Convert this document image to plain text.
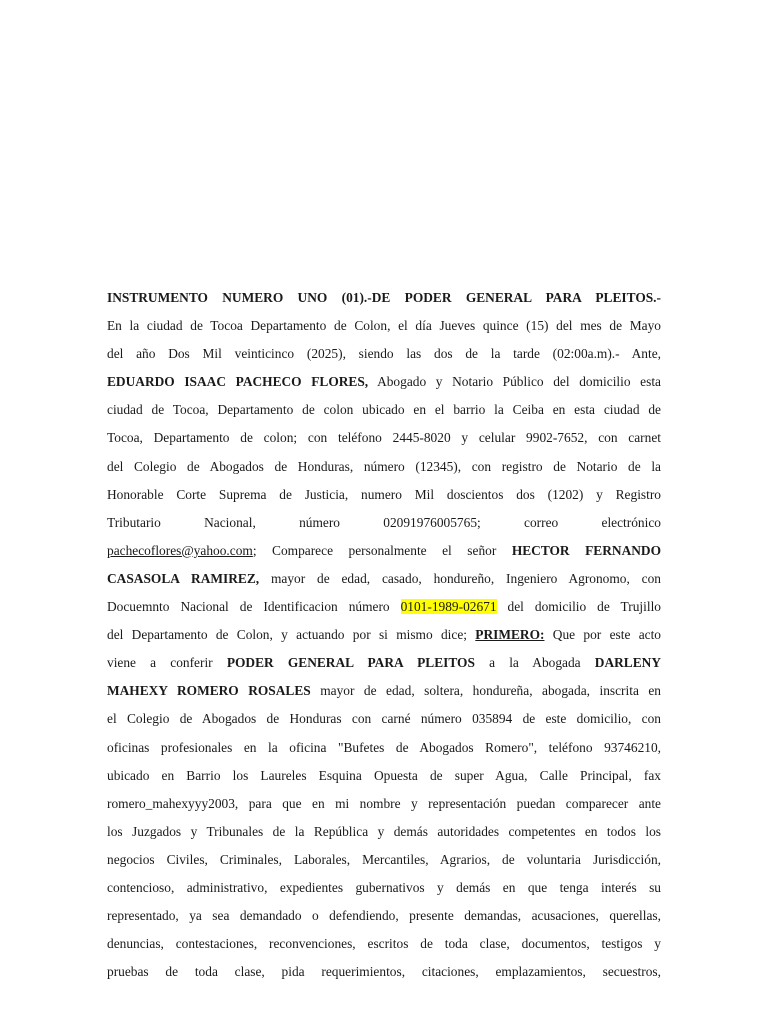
INSTRUMENTO NUMERO UNO (01).-DE PODER GENERAL PARA PLEITOS.-
En la ciudad de Tocoa Departamento de Colon, el día Jueves quince (15) del mes de Mayo
del año Dos Mil veinticinco (2025), siendo las dos de la tarde (02:00a.m).- Ante,
EDUARDO ISAAC PACHECO FLORES, Abogado y Notario Público del domicilio esta
ciudad de Tocoa, Departamento de colon ubicado en el barrio la Ceiba en esta ciudad de
Tocoa, Departamento de colon; con teléfono 2445-8020 y celular 9902-7652, con carnet
del Colegio de Abogados de Honduras, número (12345), con registro de Notario de la
Honorable Corte Suprema de Justicia, numero Mil doscientos dos (1202) y Registro
Tributario Nacional, número 02091976005765; correo electrónico
pachecoflores@yahoo.com; Comparece personalmente el señor HECTOR FERNANDO
CASASOLA RAMIREZ, mayor de edad, casado, hondureño, Ingeniero Agronomo, con
Docuemnto Nacional de Identificacion número 0101-1989-02671 del domicilio de Trujillo
del Departamento de Colon, y actuando por si mismo dice; PRIMERO: Que por este acto
viene a conferir PODER GENERAL PARA PLEITOS a la Abogada DARLENY
MAHEXY ROMERO ROSALES mayor de edad, soltera, hondureña, abogada, inscrita en
el Colegio de Abogados de Honduras con carné número 035894 de este domicilio, con
oficinas profesionales en la oficina "Bufetes de Abogados Romero", teléfono 93746210,
ubicado en Barrio los Laureles Esquina Opuesta de super Agua, Calle Principal, fax
romero_mahexyyy2003, para que en mi nombre y representación puedan comparecer ante
los Juzgados y Tribunales de la República y demás autoridades competentes en todos los
negocios Civiles, Criminales, Laborales, Mercantiles, Agrarios, de voluntaria Jurisdicción,
contencioso, administrativo, expedientes gubernativos y demás en que tenga interés su
representado, ya sea demandado o defendiendo, presente demandas, acusaciones, querellas,
denuncias, contestaciones, reconvenciones, escritos de toda clase, documentos, testigos y
pruebas de toda clase, pida requerimientos, citaciones, emplazamientos, secuestros,
